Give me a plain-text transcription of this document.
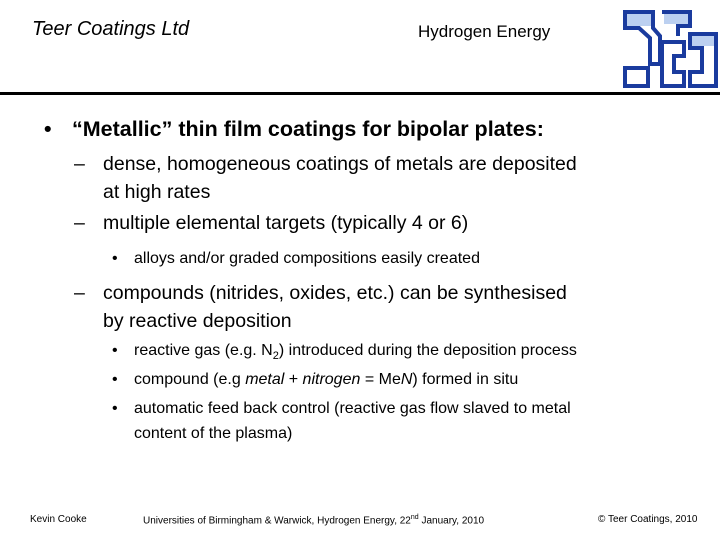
Teer Coatings Ltd	Hydrogen Energy
• “Metallic” thin film coatings for bipolar plates:
– dense, homogeneous coatings of metals are deposited
at high rates
– multiple elemental targets (typically 4 or 6)
• alloys and/or graded compositions easily created
– compounds (nitrides, oxides, etc.) can be synthesised
by reactive deposition
• reactive gas (e.g. $N_2$) introduced during the deposition process
• compound (e.g metal + nitrogen = MeN) formed in situ
• automatic feed back control (reactive gas flow slaved to metal
content of the plasma)
Kevin Cooke	Universities of Birmingham & Warwick, Hydrogen Energy, 22nd January, 2010	© Teer Coatings, 2010
